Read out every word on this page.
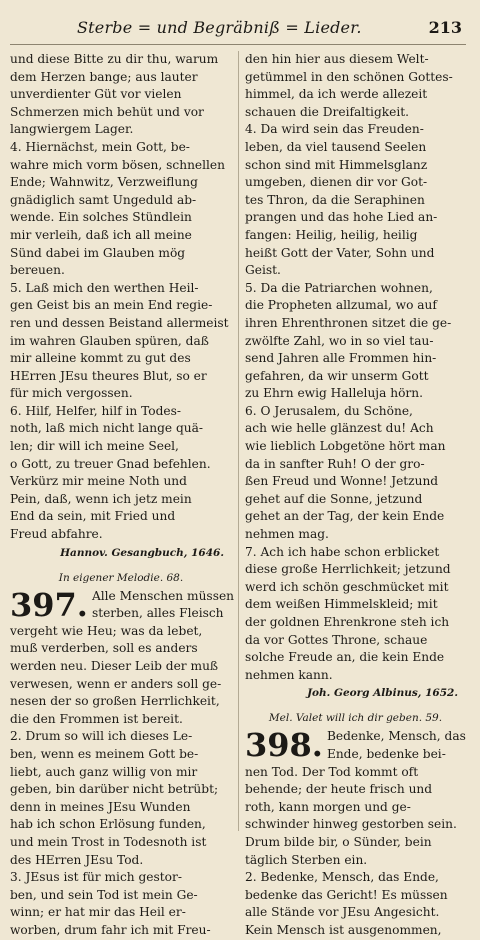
Sterbe = und Begräbniß = Lieder.	213
und diese Bitte zu dir thu, warum
dem Herzen bange; aus lauter
unverdienter Güt vor vielen
Schmerzen mich behüt und vor
langwiergem Lager.
4. Hiernächst, mein Gott, be-
wahre mich vorm bösen, schnellen
Ende; Wahnwitz, Verzweiflung
gnädiglich samt Ungeduld ab-
wende. Ein solches Stündlein
mir verleih, daß ich all meine
Sünd dabei im Glauben mög
bereuen.
5. Laß mich den werthen Heil-
gen Geist bis an mein End regie-
ren und dessen Beistand allermeist
im wahren Glauben spüren, daß
mir alleine kommt zu gut des
HErren JEsu theures Blut, so er
für mich vergossen.
6. Hilf, Helfer, hilf in Todes-
noth, laß mich nicht lange quä-
len; dir will ich meine Seel,
o Gott, zu treuer Gnad befehlen.
Verkürz mir meine Noth und
Pein, daß, wenn ich jetz mein
End da sein, mit Fried und
Freud abfahre.
Hannov. Gesangbuch, 1646.
In eigener Melodie. 68.
397. Alle Menschen müssen
sterben, alles Fleisch
vergeht wie Heu; was da lebet,
muß verderben, soll es anders
werden neu. Dieser Leib der muß
verwesen, wenn er anders soll ge-
nesen der so großen Herrlichkeit,
die den Frommen ist bereit.
2. Drum so will ich dieses Le-
ben, wenn es meinem Gott be-
liebt, auch ganz willig von mir
geben, bin darüber nicht betrübt;
denn in meines JEsu Wunden
hab ich schon Erlösung funden,
und mein Trost in Todesnoth ist
des HErren JEsu Tod.
3. JEsus ist für mich gestor-
ben, und sein Tod ist mein Ge-
winn; er hat mir das Heil er-
worben, drum fahr ich mit Freu-
den hin hier aus diesem Welt-
getümmel in den schönen Gottes-
himmel, da ich werde allezeit
schauen die Dreifaltigkeit.
4. Da wird sein das Freuden-
leben, da viel tausend Seelen
schon sind mit Himmelsglanz
umgeben, dienen dir vor Got-
tes Thron, da die Seraphinen
prangen und das hohe Lied an-
fangen: Heilig, heilig, heilig
heißt Gott der Vater, Sohn und
Geist.
5. Da die Patriarchen wohnen,
die Propheten allzumal, wo auf
ihren Ehrenthronen sitzet die ge-
zwölfte Zahl, wo in so viel tau-
send Jahren alle Frommen hin-
gefahren, da wir unserm Gott
zu Ehrn ewig Halleluja hörn.
6. O Jerusalem, du Schöne,
ach wie helle glänzest du! Ach
wie lieblich Lobgetöne hört man
da in sanfter Ruh! O der gro-
ßen Freud und Wonne! Jetzund
gehet auf die Sonne, jetzund
gehet an der Tag, der kein Ende
nehmen mag.
7. Ach ich habe schon erblicket
diese große Herrlichkeit; jetzund
werd ich schön geschmücket mit
dem weißen Himmelskleid; mit
der goldnen Ehrenkrone steh ich
da vor Gottes Throne, schaue
solche Freude an, die kein Ende
nehmen kann.
Joh. Georg Albinus, 1652.
Mel. Valet will ich dir geben. 59.
398. Bedenke, Mensch, das
Ende, bedenke bei-
nen Tod. Der Tod kommt oft
behende; der heute frisch und
roth, kann morgen und ge-
schwinder hinweg gestorben sein.
Drum bilde bir, o Sünder, bein
täglich Sterben ein.
2. Bedenke, Mensch, das Ende,
bedenke das Gericht! Es müssen
alle Stände vor JEsu Angesicht.
Kein Mensch ist ausgenommen,
